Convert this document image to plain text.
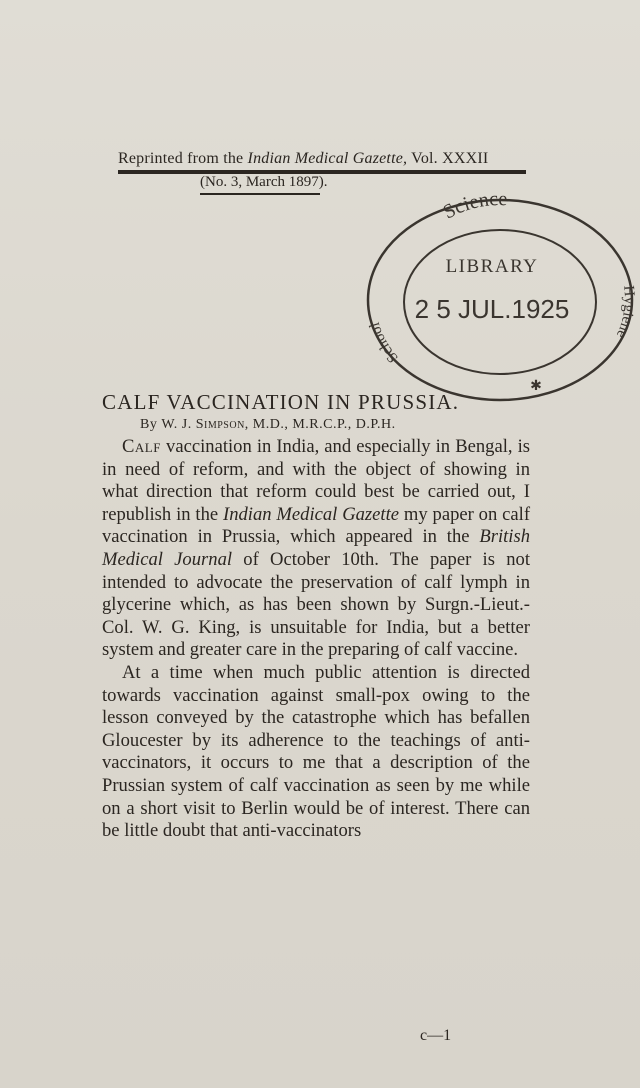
Reprinted from the Indian Medical Gazette, Vol. XXXII
(No. 3, March 1897).
Science
School
Hygiene
LIBRARY
2 5 JUL.1925
✱
CALF VACCINATION IN PRUSSIA.
By W. J. Simpson, M.D., M.R.C.P., D.P.H.

Calf vaccination in India, and especially in Bengal, is in need of reform, and with the object of showing in what direction that reform could best be carried out, I republish in the Indian Medical Gazette my paper on calf vaccination in Prussia, which appeared in the British Medical Journal of October 10th. The paper is not intended to advocate the preservation of calf lymph in glycerine which, as has been shown by Surgn.-Lieut.-Col. W. G. King, is unsuitable for India, but a better system and greater care in the preparing of calf vaccine.

At a time when much public attention is directed towards vaccination against small-pox owing to the lesson conveyed by the catastrophe which has befallen Gloucester by its adherence to the teachings of anti-vaccinators, it occurs to me that a description of the Prussian system of calf vaccination as seen by me while on a short visit to Berlin would be of interest. There can be little doubt that anti-vaccinators

c—1
